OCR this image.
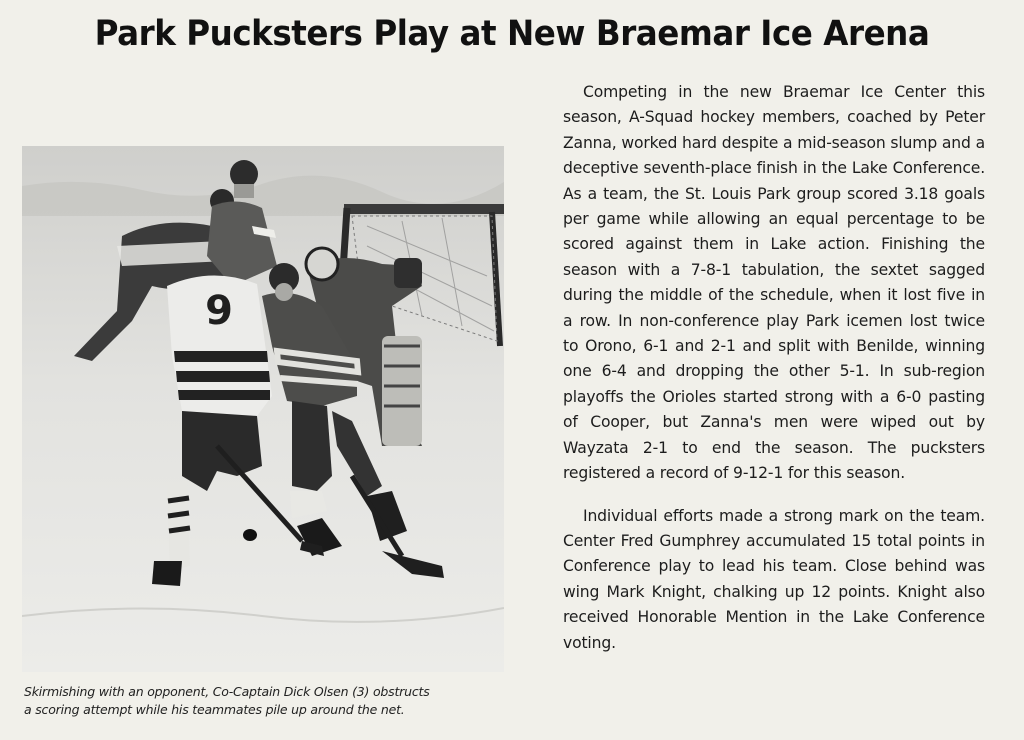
Park Pucksters Play at New Braemar Ice Arena
9
Skirmishing with an opponent, Co-Captain Dick Olsen (3) obstructs
a scoring attempt while his teammates pile up around the net.

Competing in the new Braemar Ice Center this season, A-Squad hockey members, coached by Peter Zanna, worked hard despite a mid-season slump and a deceptive seventh-place finish in the Lake Conference. As a team, the St. Louis Park group scored 3.18 goals per game while allowing an equal percentage to be scored against them in Lake action. Finishing the season with a 7-8-1 tabulation, the sextet sagged during the middle of the schedule, when it lost five in a row. In non-conference play Park icemen lost twice to Orono, 6-1 and 2-1 and split with Benilde, winning one 6-4 and dropping the other 5-1. In sub-region playoffs the Orioles started strong with a 6-0 pasting of Cooper, but Zanna's men were wiped out by Wayzata 2-1 to end the season. The pucksters registered a record of 9-12-1 for this season.

Individual efforts made a strong mark on the team. Center Fred Gumphrey accumulated 15 total points in Conference play to lead his team. Close behind was wing Mark Knight, chalking up 12 points. Knight also received Honorable Mention in the Lake Conference voting.
